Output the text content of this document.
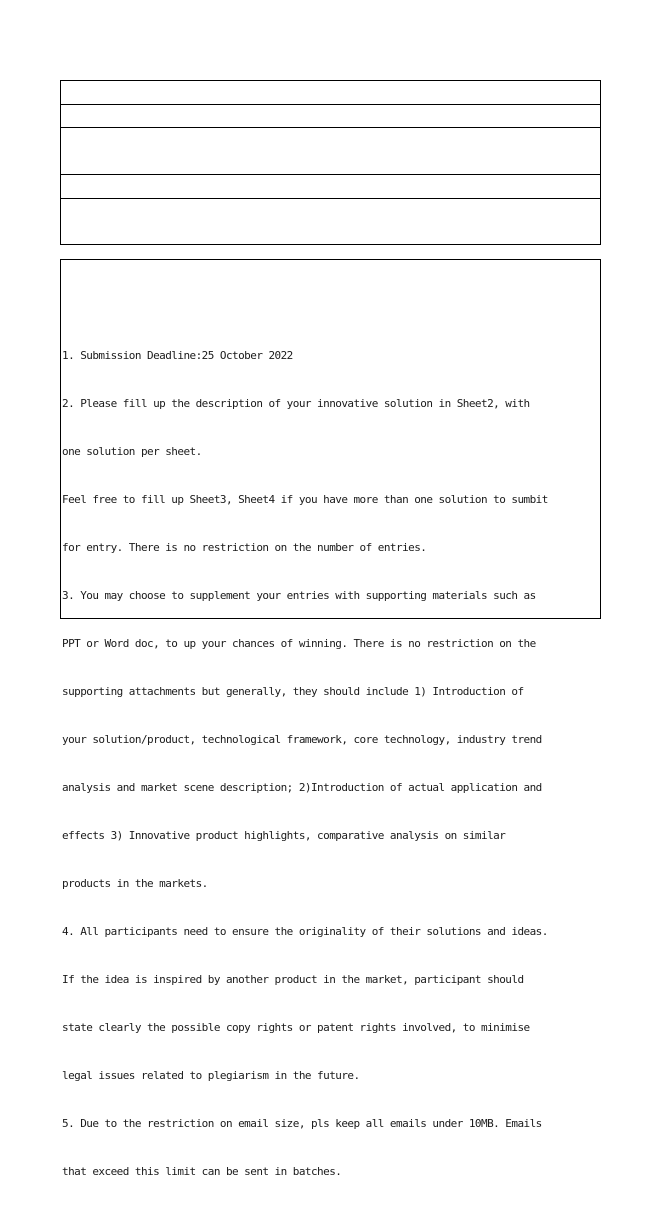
1. Submission Deadline:25 October 2022

2. Please fill up the description of your innovative solution in Sheet2, with

one solution per sheet.

Feel free to fill up Sheet3, Sheet4 if you have more than one solution to sumbit

for entry. There is no restriction on the number of entries.

3. You may choose to supplement your entries with supporting materials such as

PPT or Word doc, to up your chances of winning. There is no restriction on the

supporting attachments but generally, they should include 1) Introduction of

your solution/product, technological framework, core technology, industry trend

analysis and market scene description; 2)Introduction of actual application and

effects 3) Innovative product highlights, comparative analysis on similar

products in the markets.

4. All participants need to ensure the originality of their solutions and ideas.

If the idea is inspired by another product in the market, participant should

state clearly the possible copy rights or patent rights involved, to minimise

legal issues related to plegiarism in the future.

5. Due to the restriction on email size, pls keep all emails under 10MB. Emails

that exceed this limit can be sent in batches.
